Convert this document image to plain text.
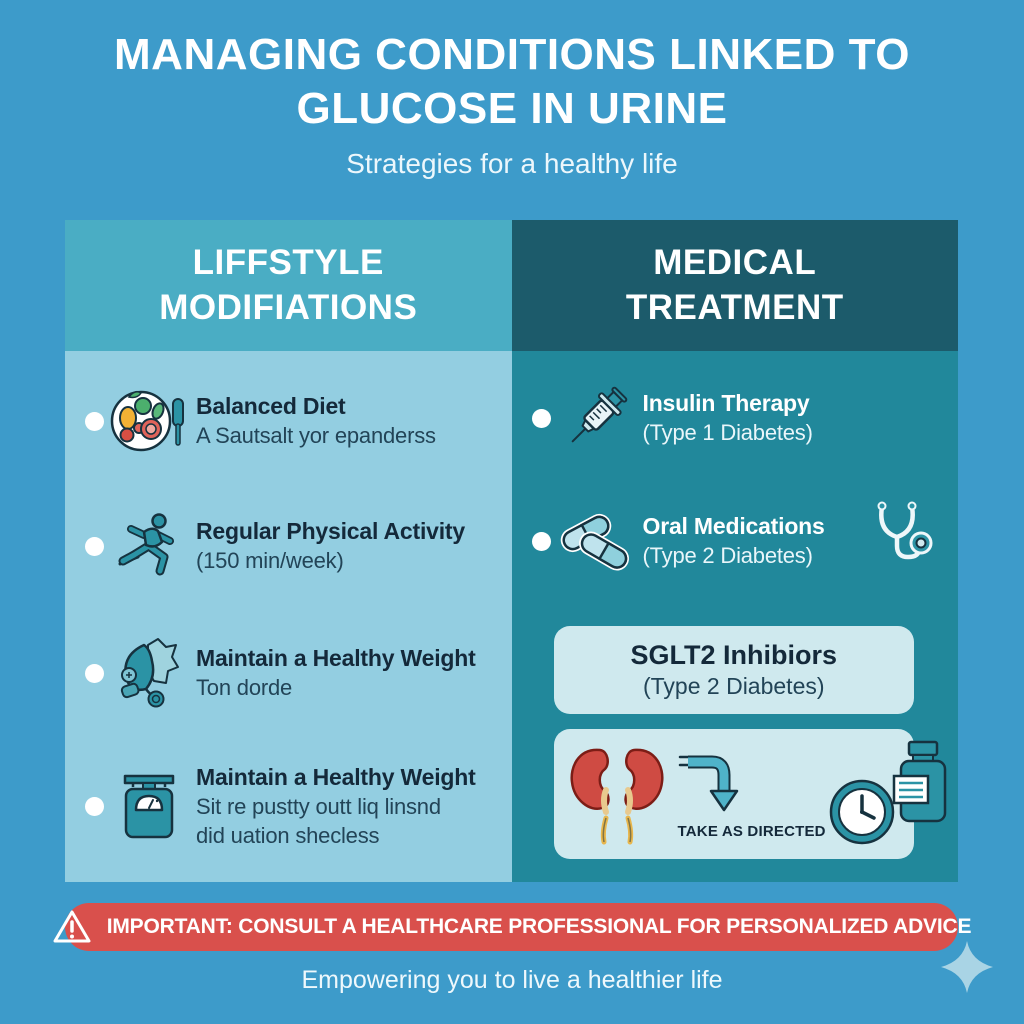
MANAGING CONDITIONS LINKED TO
GLUCOSE IN URINE
Strategies for a healthy life
LIFFSTYLE
MODIFIATIONS
Balanced Diet
A Sautsalt yor epanderss
Regular Physical Activity
(150 min/week)
Maintain a Healthy Weight
Ton dorde
Maintain a Healthy Weight
Sit re pustty outt liq linsnd
did uation shecless
MEDICAL
TREATMENT
Insulin Therapy
(Type 1 Diabetes)
Oral Medications
(Type 2 Diabetes)
SGLT2 Inhibiors
(Type 2 Diabetes)
TAKE AS DIRECTED
IMPORTANT: CONSULT A HEALTHCARE PROFESSIONAL FOR PERSONALIZED ADVICE
Empowering you to live a healthier life
